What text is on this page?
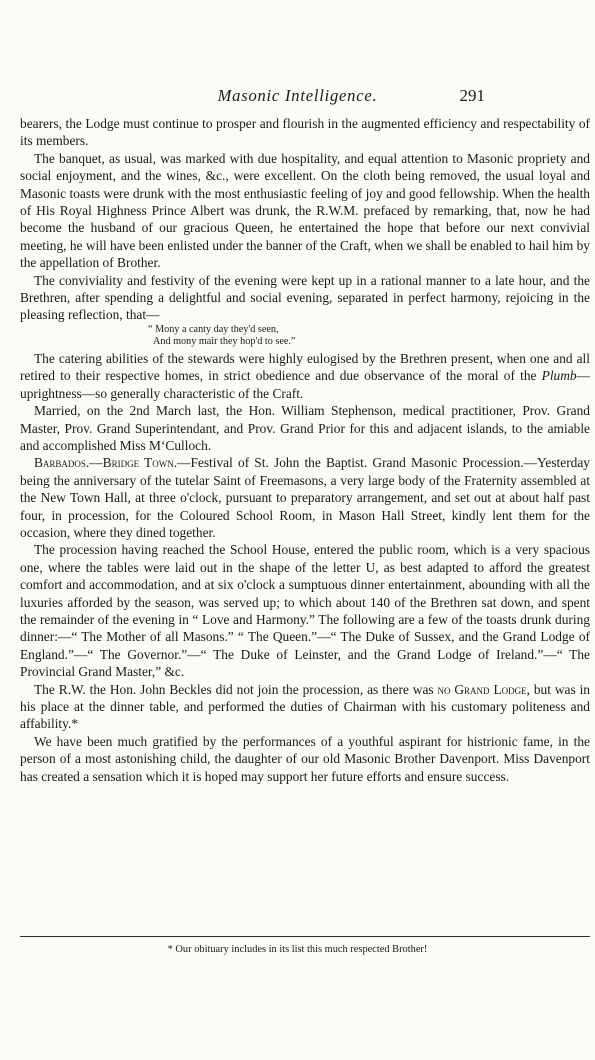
Masonic Intelligence.	291

bearers, the Lodge must continue to prosper and flourish in the augmented efficiency and respectability of its members.

The banquet, as usual, was marked with due hospitality, and equal attention to Masonic propriety and social enjoyment, and the wines, &c., were excellent. On the cloth being removed, the usual loyal and Masonic toasts were drunk with the most enthusiastic feeling of joy and good fellowship. When the health of His Royal Highness Prince Albert was drunk, the R.W.M. prefaced by remarking, that, now he had become the husband of our gracious Queen, he entertained the hope that before our next convivial meeting, he will have been enlisted under the banner of the Craft, when we shall be enabled to hail him by the appellation of Brother.

The conviviality and festivity of the evening were kept up in a rational manner to a late hour, and the Brethren, after spending a delightful and social evening, separated in perfect harmony, rejoicing in the pleasing reflection, that—

“ Mony a canty day they'd seen,
And mony mair they hop'd to see.”

The catering abilities of the stewards were highly eulogised by the Brethren present, when one and all retired to their respective homes, in strict obedience and due observance of the moral of the Plumb—uprightness—so generally characteristic of the Craft.

Married, on the 2nd March last, the Hon. William Stephenson, medical practitioner, Prov. Grand Master, Prov. Grand Superintendant, and Prov. Grand Prior for this and adjacent islands, to the amiable and accomplished Miss M‘Culloch.

Barbados.—Bridge Town.—Festival of St. John the Baptist. Grand Masonic Procession.—Yesterday being the anniversary of the tutelar Saint of Freemasons, a very large body of the Fraternity assembled at the New Town Hall, at three o'clock, pursuant to preparatory arrangement, and set out at about half past four, in procession, for the Coloured School Room, in Mason Hall Street, kindly lent them for the occasion, where they dined together.

The procession having reached the School House, entered the public room, which is a very spacious one, where the tables were laid out in the shape of the letter U, as best adapted to afford the greatest comfort and accommodation, and at six o'clock a sumptuous dinner entertainment, abounding with all the luxuries afforded by the season, was served up; to which about 140 of the Brethren sat down, and spent the remainder of the evening in “ Love and Harmony.” The following are a few of the toasts drunk during dinner:—“ The Mother of all Masons.” “ The Queen.”—“ The Duke of Sussex, and the Grand Lodge of England.”—“ The Governor.”—“ The Duke of Leinster, and the Grand Lodge of Ireland.”—“ The Provincial Grand Master,” &c.

The R.W. the Hon. John Beckles did not join the procession, as there was no Grand Lodge, but was in his place at the dinner table, and performed the duties of Chairman with his customary politeness and affability.*

We have been much gratified by the performances of a youthful aspirant for histrionic fame, in the person of a most astonishing child, the daughter of our old Masonic Brother Davenport. Miss Davenport has created a sensation which it is hoped may support her future efforts and ensure success.

* Our obituary includes in its list this much respected Brother!
